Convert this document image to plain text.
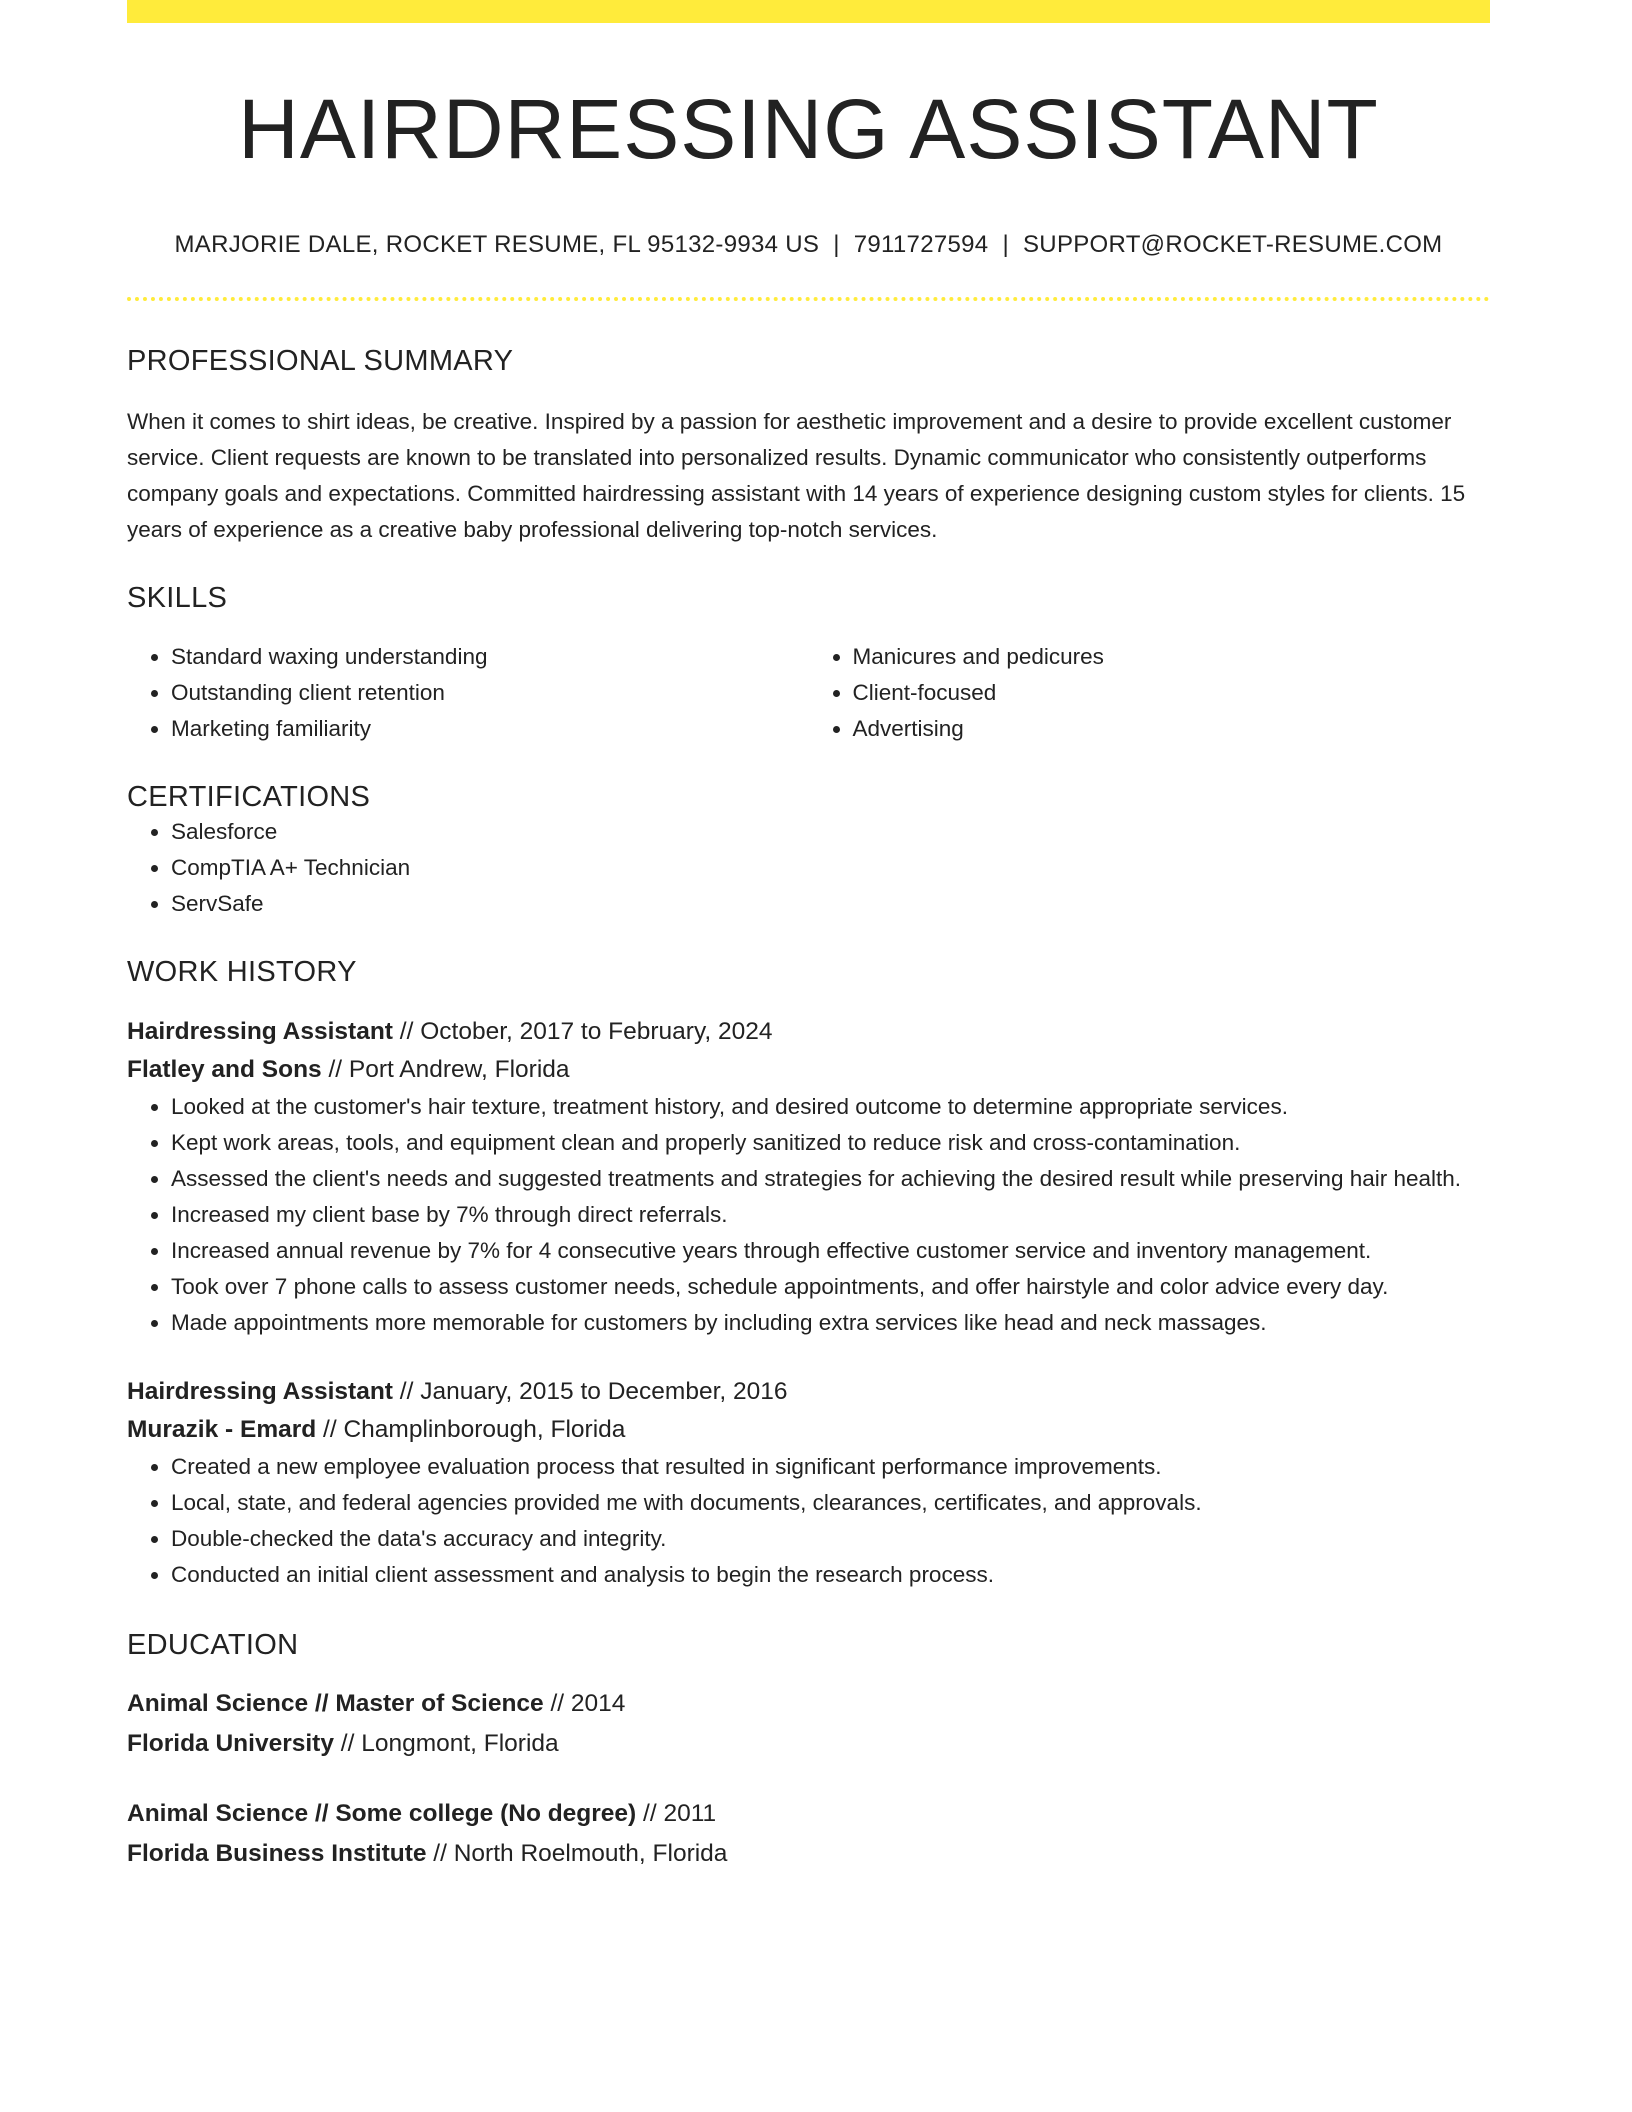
HAIRDRESSING ASSISTANT
MARJORIE DALE, ROCKET RESUME, FL 95132-9934 US | 7911727594 | SUPPORT@ROCKET-RESUME.COM
PROFESSIONAL SUMMARY

When it comes to shirt ideas, be creative. Inspired by a passion for aesthetic improvement and a desire to provide excellent customer service. Client requests are known to be translated into personalized results. Dynamic communicator who consistently outperforms company goals and expectations. Committed hairdressing assistant with 14 years of experience designing custom styles for clients. 15 years of experience as a creative baby professional delivering top-notch services.

SKILLS
• Standard waxing understanding
• Outstanding client retention
• Marketing familiarity
• Manicures and pedicures
• Client-focused
• Advertising
CERTIFICATIONS
• Salesforce
• CompTIA A+ Technician
• ServSafe
WORK HISTORY
Hairdressing Assistant // October, 2017 to February, 2024
Flatley and Sons // Port Andrew, Florida
• Looked at the customer's hair texture, treatment history, and desired outcome to determine appropriate services.
• Kept work areas, tools, and equipment clean and properly sanitized to reduce risk and cross-contamination.
• Assessed the client's needs and suggested treatments and strategies for achieving the desired result while preserving hair health.
• Increased my client base by 7% through direct referrals.
• Increased annual revenue by 7% for 4 consecutive years through effective customer service and inventory management.
• Took over 7 phone calls to assess customer needs, schedule appointments, and offer hairstyle and color advice every day.
• Made appointments more memorable for customers by including extra services like head and neck massages.
Hairdressing Assistant // January, 2015 to December, 2016
Murazik - Emard // Champlinborough, Florida
• Created a new employee evaluation process that resulted in significant performance improvements.
• Local, state, and federal agencies provided me with documents, clearances, certificates, and approvals.
• Double-checked the data's accuracy and integrity.
• Conducted an initial client assessment and analysis to begin the research process.
EDUCATION
Animal Science // Master of Science // 2014
Florida University // Longmont, Florida
Animal Science // Some college (No degree) // 2011
Florida Business Institute // North Roelmouth, Florida
